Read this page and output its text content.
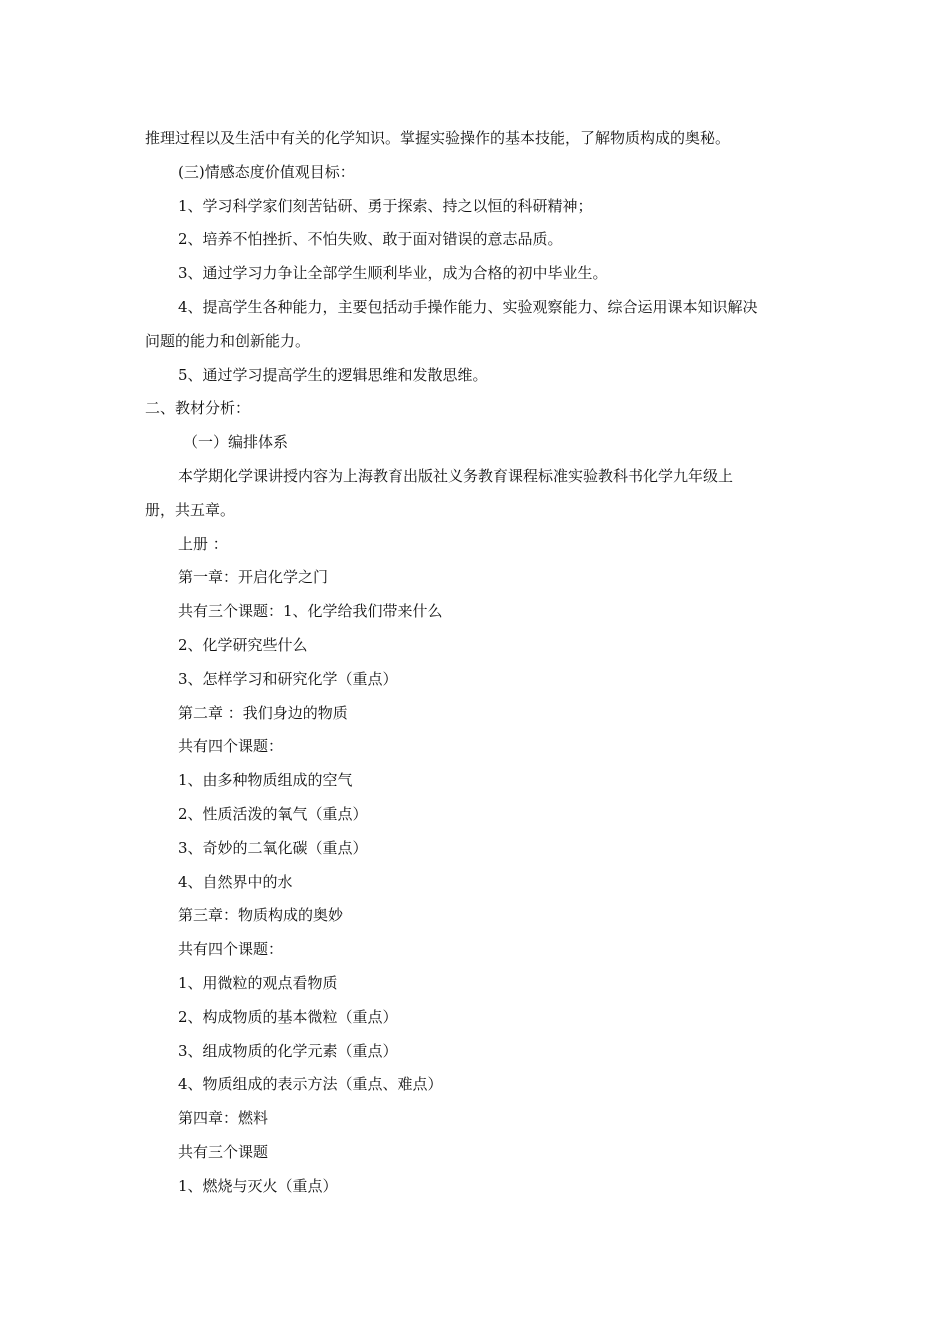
推理过程以及生活中有关的化学知识。掌握实验操作的基本技能，了解物质构成的奥秘。
(三)情感态度价值观目标：
1、学习科学家们刻苦钻研、勇于探索、持之以恒的科研精神；
2、培养不怕挫折、不怕失败、敢于面对错误的意志品质。
3、通过学习力争让全部学生顺利毕业，成为合格的初中毕业生。
4、提高学生各种能力，主要包括动手操作能力、实验观察能力、综合运用课本知识解决
问题的能力和创新能力。
5、通过学习提高学生的逻辑思维和发散思维。
二、教材分析：
（一）编排体系
本学期化学课讲授内容为上海教育出版社义务教育课程标准实验教科书化学九年级上
册，共五章。
上册 ：
第一章：开启化学之门
共有三个课题：1、化学给我们带来什么
2、化学研究些什么
3、怎样学习和研究化学（重点）
第二章 ：我们身边的物质
共有四个课题：
1、由多种物质组成的空气
2、性质活泼的氧气（重点）
3、奇妙的二氧化碳（重点）
4、自然界中的水
第三章：物质构成的奥妙
共有四个课题：
1、用微粒的观点看物质
2、构成物质的基本微粒（重点）
3、组成物质的化学元素（重点）
4、物质组成的表示方法（重点、难点）
第四章：燃料
共有三个课题
1、燃烧与灭火（重点）
